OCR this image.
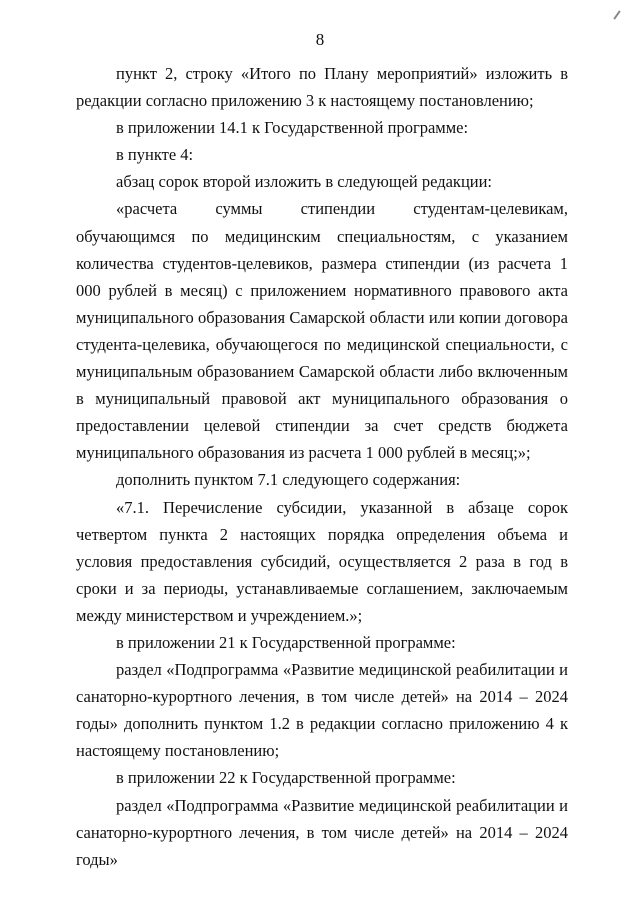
8

пункт 2, строку «Итого по Плану мероприятий» изложить в редакции согласно приложению 3 к настоящему постановлению;

в приложении 14.1 к Государственной программе:

в пункте 4:

абзац сорок второй изложить в следующей редакции:

«расчета суммы стипендии студентам-целевикам, обучающимся по медицинским специальностям, с указанием количества студентов-целевиков, размера стипендии (из расчета 1 000 рублей в месяц) с приложением нормативного правового акта муниципального образования Самарской области или копии договора студента-целевика, обучающегося по медицинской специальности, с муниципальным образованием Самарской области либо включенным в муниципальный правовой акт муниципального образования о предоставлении целевой стипендии за счет средств бюджета муниципального образования из расчета 1 000 рублей в месяц;»;

дополнить пунктом 7.1 следующего содержания:

«7.1. Перечисление субсидии, указанной в абзаце сорок четвертом пункта 2 настоящих порядка определения объема и условия предоставления субсидий, осуществляется 2 раза в год в сроки и за периоды, устанавливаемые соглашением, заключаемым между министерством и учреждением.»;

в приложении 21 к Государственной программе:

раздел «Подпрограмма «Развитие медицинской реабилитации и санаторно-курортного лечения, в том числе детей» на 2014 – 2024 годы» дополнить пунктом 1.2 в редакции согласно приложению 4 к настоящему постановлению;

в приложении 22 к Государственной программе:

раздел «Подпрограмма «Развитие медицинской реабилитации и санаторно-курортного лечения, в том числе детей» на 2014 – 2024 годы»
